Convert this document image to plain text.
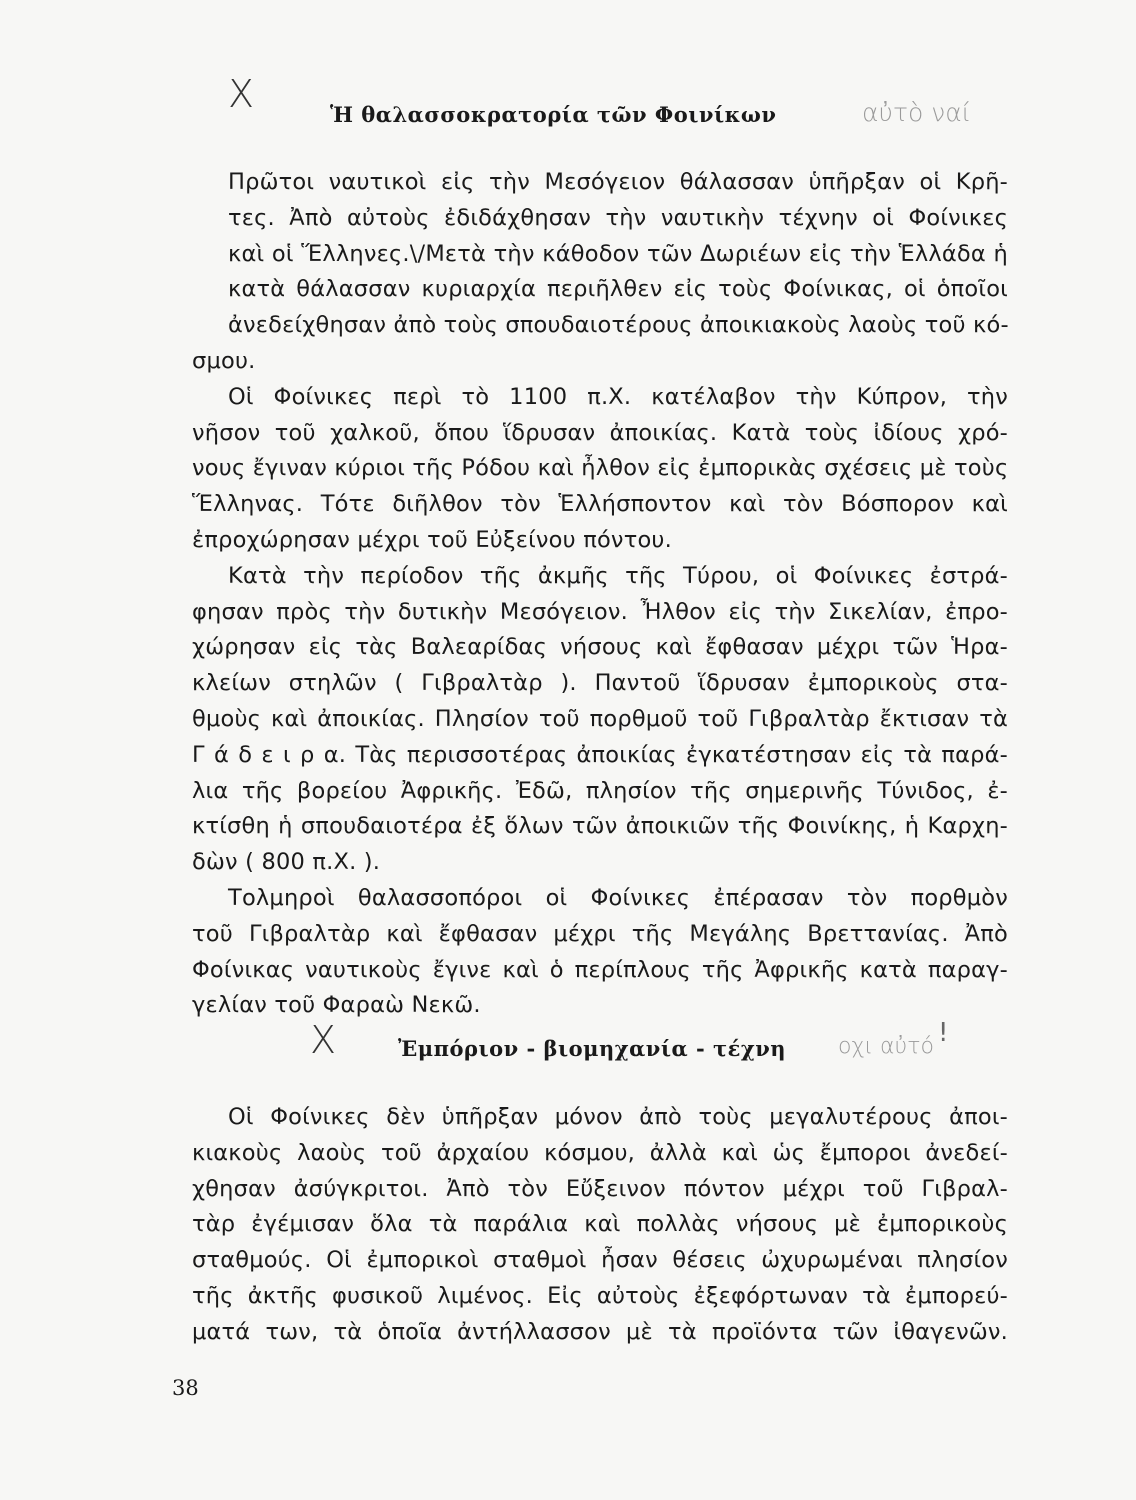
X	Ἡ θαλασσοκρατορία τῶν Φοινίκων	αὐτὸ ναί
Πρῶτοι ναυτικοὶ εἰς τὴν Μεσόγειον θάλασσαν ὑπῆρξαν οἱ Κρῆ-
τες. Ἀπὸ αὐτοὺς ἐδιδάχθησαν τὴν ναυτικὴν τέχνην οἱ Φοίνικες
καὶ οἱ Ἕλληνες.\/Μετὰ τὴν κάθοδον τῶν Δωριέων εἰς τὴν Ἑλλάδα ἡ
κατὰ θάλασσαν κυριαρχία περιῆλθεν εἰς τοὺς Φοίνικας, οἱ ὁποῖοι
ἀνεδείχθησαν ἀπὸ τοὺς σπουδαιοτέρους ἀποικιακοὺς λαοὺς τοῦ κό-
σμου.
Οἱ Φοίνικες περὶ τὸ 1100 π.Χ. κατέλαβον τὴν Κύπρον, τὴν
νῆσον τοῦ χαλκοῦ, ὅπου ἵδρυσαν ἀποικίας. Κατὰ τοὺς ἰδίους χρό-
νους ἔγιναν κύριοι τῆς Ρόδου καὶ ἦλθον εἰς ἐμπορικὰς σχέσεις μὲ τοὺς
Ἕλληνας. Τότε διῆλθον τὸν Ἑλλήσποντον καὶ τὸν Βόσπορον καὶ
ἐπροχώρησαν μέχρι τοῦ Εὐξείνου πόντου.
Κατὰ τὴν περίοδον τῆς ἀκμῆς τῆς Τύρου, οἱ Φοίνικες ἐστρά-
φησαν πρὸς τὴν δυτικὴν Μεσόγειον. Ἦλθον εἰς τὴν Σικελίαν, ἐπρο-
χώρησαν εἰς τὰς Βαλεαρίδας νήσους καὶ ἔφθασαν μέχρι τῶν Ἡρα-
κλείων στηλῶν ( Γιβραλτὰρ ). Παντοῦ ἵδρυσαν ἐμπορικοὺς στα-
θμοὺς καὶ ἀποικίας. Πλησίον τοῦ πορθμοῦ τοῦ Γιβραλτὰρ ἔκτισαν τὰ
Γ ά δ ε ι ρ α. Τὰς περισσοτέρας ἀποικίας ἐγκατέστησαν εἰς τὰ παρά-
λια τῆς βορείου Ἀφρικῆς. Ἐδῶ, πλησίον τῆς σημερινῆς Τύνιδος, ἐ-
κτίσθη ἡ σπουδαιοτέρα ἐξ ὅλων τῶν ἀποικιῶν τῆς Φοινίκης, ἡ Καρχη-
δὼν ( 800 π.Χ. ).
Τολμηροὶ θαλασσοπόροι οἱ Φοίνικες ἐπέρασαν τὸν πορθμὸν
τοῦ Γιβραλτὰρ καὶ ἔφθασαν μέχρι τῆς Μεγάλης Βρεττανίας. Ἀπὸ
Φοίνικας ναυτικοὺς ἔγινε καὶ ὁ περίπλους τῆς Ἀφρικῆς κατὰ παραγ-
γελίαν τοῦ Φαραὼ Νεκῶ.
X	Ἐμπόριον - βιομηχανία - τέχνη οχι αὐτό !
Οἱ Φοίνικες δὲν ὑπῆρξαν μόνον ἀπὸ τοὺς μεγαλυτέρους ἀποι-
κιακοὺς λαοὺς τοῦ ἀρχαίου κόσμου, ἀλλὰ καὶ ὡς ἔμποροι ἀνεδεί-
χθησαν ἀσύγκριτοι. Ἀπὸ τὸν Εὔξεινον πόντον μέχρι τοῦ Γιβραλ-
τὰρ ἐγέμισαν ὅλα τὰ παράλια καὶ πολλὰς νήσους μὲ ἐμπορικοὺς
σταθμούς. Οἱ ἐμπορικοὶ σταθμοὶ ἦσαν θέσεις ὠχυρωμέναι πλησίον
τῆς ἀκτῆς φυσικοῦ λιμένος. Εἰς αὐτοὺς ἐξεφόρτωναν τὰ ἐμπορεύ-
ματά των, τὰ ὁποῖα ἀντήλλασσον μὲ τὰ προϊόντα τῶν ἰθαγενῶν.
38
